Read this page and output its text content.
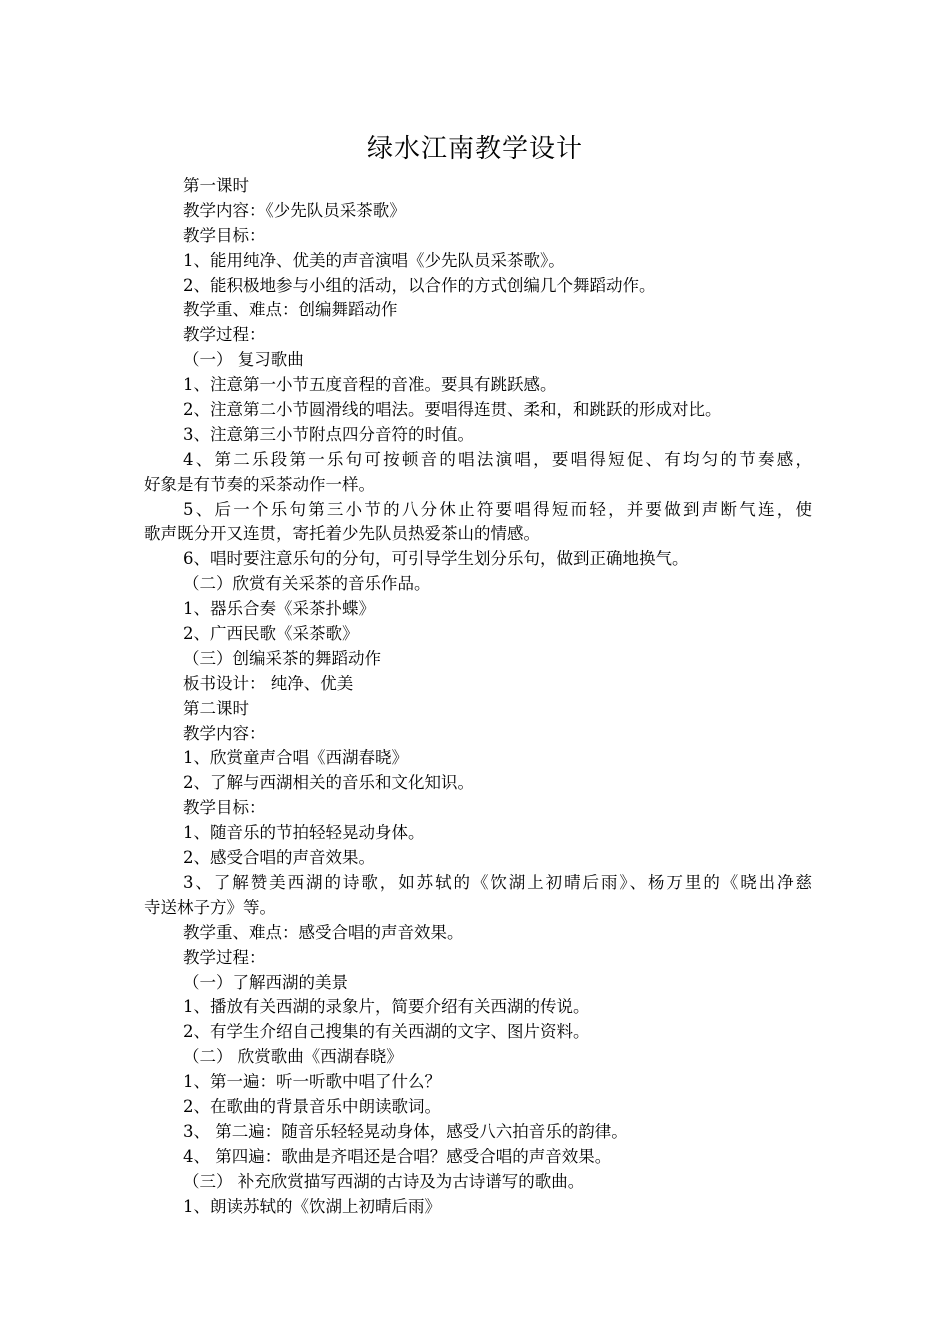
绿水江南教学设计
第一课时
教学内容：《少先队员采茶歌》
教学目标：
1、能用纯净、优美的声音演唱《少先队员采茶歌》。
2、能积极地参与小组的活动，以合作的方式创编几个舞蹈动作。
教学重、难点：创编舞蹈动作
教学过程：
（一） 复习歌曲
1、注意第一小节五度音程的音准。要具有跳跃感。
2、注意第二小节圆滑线的唱法。要唱得连贯、柔和，和跳跃的形成对比。
3、注意第三小节附点四分音符的时值。
4、第二乐段第一乐句可按顿音的唱法演唱，要唱得短促、有均匀的节奏感，
好象是有节奏的采茶动作一样。
5、后一个乐句第三小节的八分休止符要唱得短而轻，并要做到声断气连，使
歌声既分开又连贯，寄托着少先队员热爱茶山的情感。
6、唱时要注意乐句的分句，可引导学生划分乐句，做到正确地换气。
（二）欣赏有关采茶的音乐作品。
1、器乐合奏《采茶扑蝶》
2、广西民歌《采茶歌》
（三）创编采茶的舞蹈动作
板书设计： 纯净、优美
第二课时
教学内容：
1、欣赏童声合唱《西湖春晓》
2、了解与西湖相关的音乐和文化知识。
教学目标：
1、随音乐的节拍轻轻晃动身体。
2、感受合唱的声音效果。
3、了解赞美西湖的诗歌，如苏轼的《饮湖上初晴后雨》、杨万里的《晓出净慈
寺送林子方》等。
教学重、难点：感受合唱的声音效果。
教学过程：
（一）了解西湖的美景
1、播放有关西湖的录象片，简要介绍有关西湖的传说。
2、有学生介绍自己搜集的有关西湖的文字、图片资料。
（二） 欣赏歌曲《西湖春晓》
1、第一遍：听一听歌中唱了什么？
2、在歌曲的背景音乐中朗读歌词。
3、 第二遍：随音乐轻轻晃动身体，感受八六拍音乐的韵律。
4、 第四遍：歌曲是齐唱还是合唱？感受合唱的声音效果。
（三） 补充欣赏描写西湖的古诗及为古诗谱写的歌曲。
1、朗读苏轼的《饮湖上初晴后雨》
